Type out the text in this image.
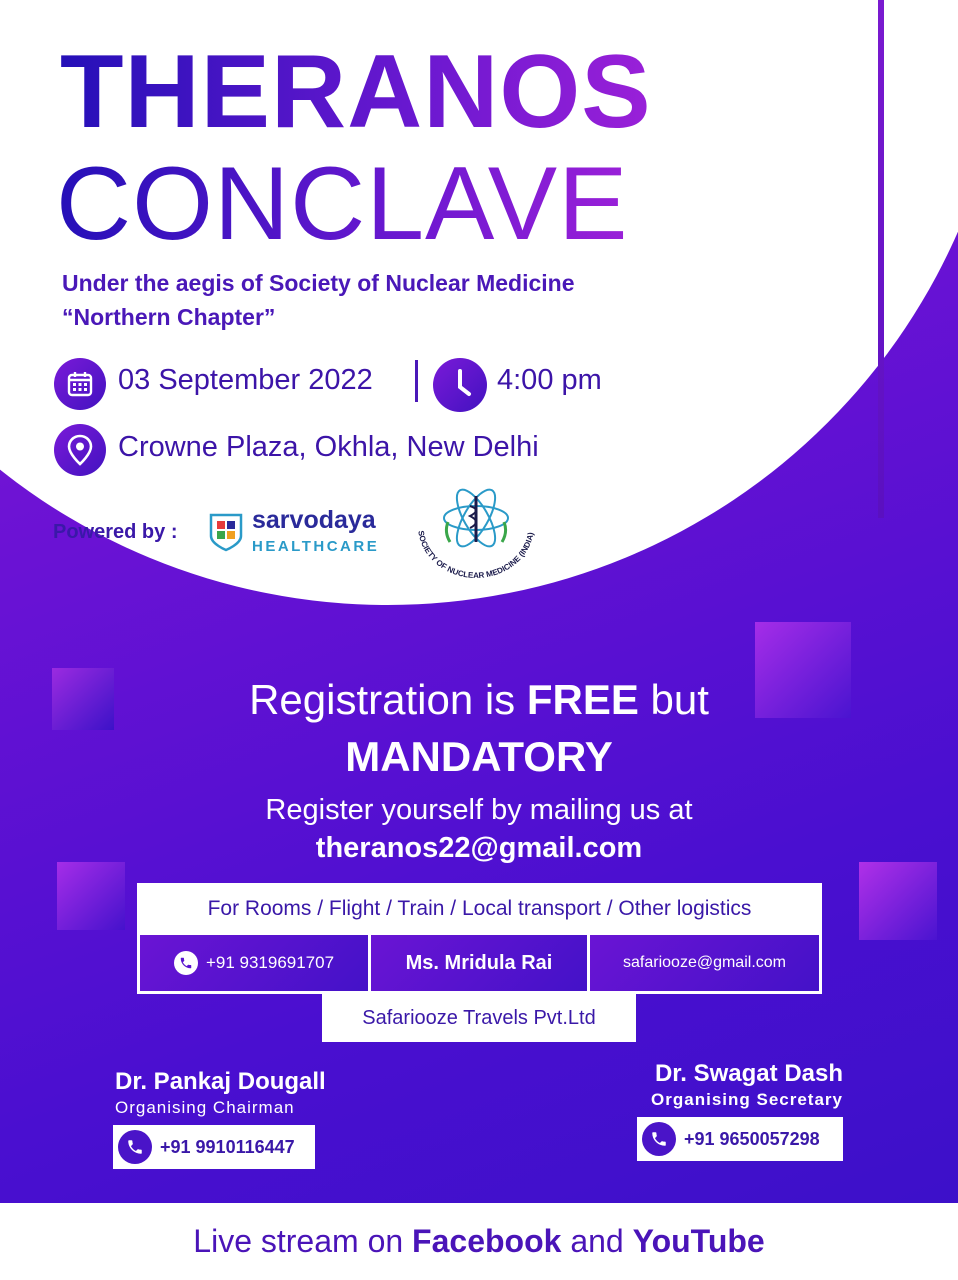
THERANOS
CONCLAVE
Under the aegis of Society of Nuclear Medicine
“Northern Chapter”
03 September 2022	4:00 pm
Crowne Plaza, Okhla, New Delhi
Powered by :	sarvodaya
HEALTHCARE
SOCIETY OF NUCLEAR MEDICINE (INDIA)
Registration is FREE but
MANDATORY
Register yourself by mailing us at
theranos22@gmail.com
For Rooms / Flight / Train / Local transport / Other logistics
+91 9319691707	Ms. Mridula Rai	safariooze@gmail.com
Safariooze Travels Pvt.Ltd
Dr. Pankaj Dougall
Organising Chairman
+91 9910116447
Dr. Swagat Dash
Organising Secretary
+91 9650057298
Live stream on
Facebook
and
YouTube
